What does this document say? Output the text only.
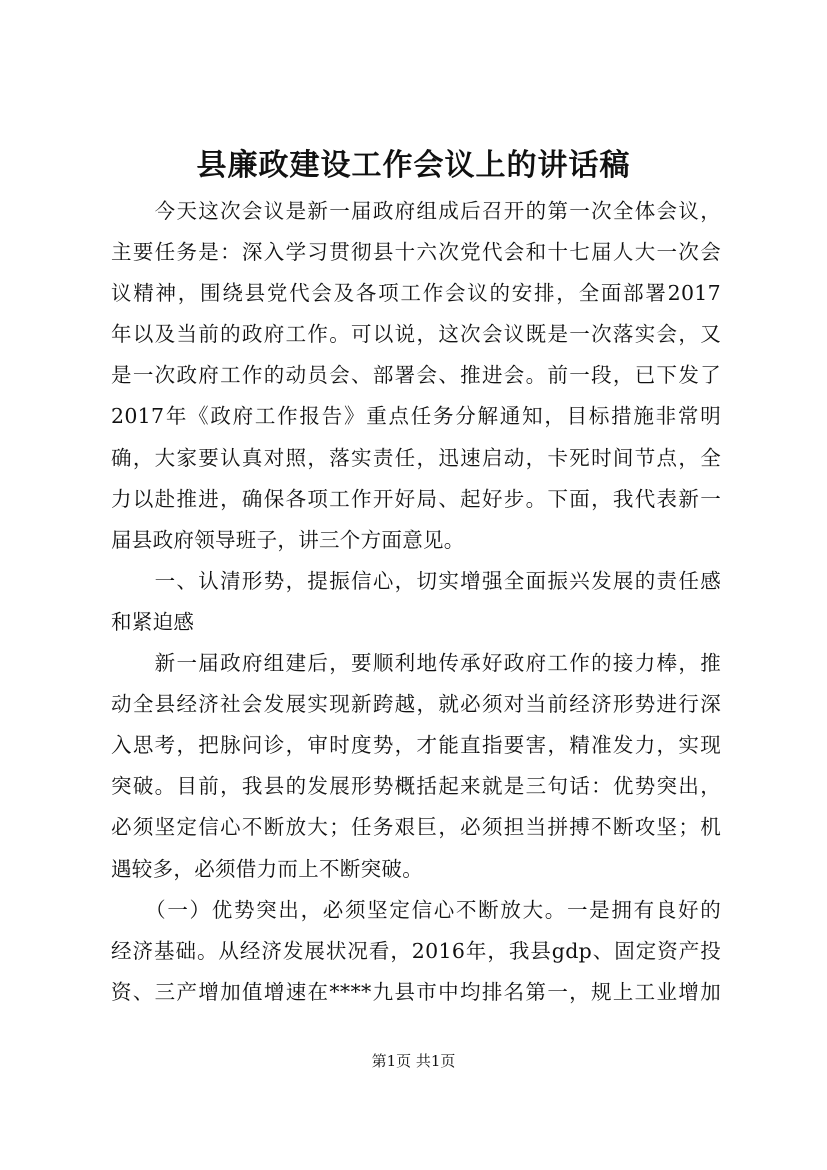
县廉政建设工作会议上的讲话稿
　　今天这次会议是新一届政府组成后召开的第一次全体会议，
主要任务是：深入学习贯彻县十六次党代会和十七届人大一次会
议精神，围绕县党代会及各项工作会议的安排，全面部署2017
年以及当前的政府工作。可以说，这次会议既是一次落实会，又
是一次政府工作的动员会、部署会、推进会。前一段，已下发了
2017年《政府工作报告》重点任务分解通知，目标措施非常明
确，大家要认真对照，落实责任，迅速启动，卡死时间节点，全
力以赴推进，确保各项工作开好局、起好步。下面，我代表新一
届县政府领导班子，讲三个方面意见。
　　一、认清形势，提振信心，切实增强全面振兴发展的责任感
和紧迫感
　　新一届政府组建后，要顺利地传承好政府工作的接力棒，推
动全县经济社会发展实现新跨越，就必须对当前经济形势进行深
入思考，把脉问诊，审时度势，才能直指要害，精准发力，实现
突破。目前，我县的发展形势概括起来就是三句话：优势突出，
必须坚定信心不断放大；任务艰巨，必须担当拼搏不断攻坚；机
遇较多，必须借力而上不断突破。
　　（一）优势突出，必须坚定信心不断放大。一是拥有良好的
经济基础。从经济发展状况看，2016年，我县gdp、固定资产投
资、三产增加值增速在****九县市中均排名第一，规上工业增加
第1页 共1页
